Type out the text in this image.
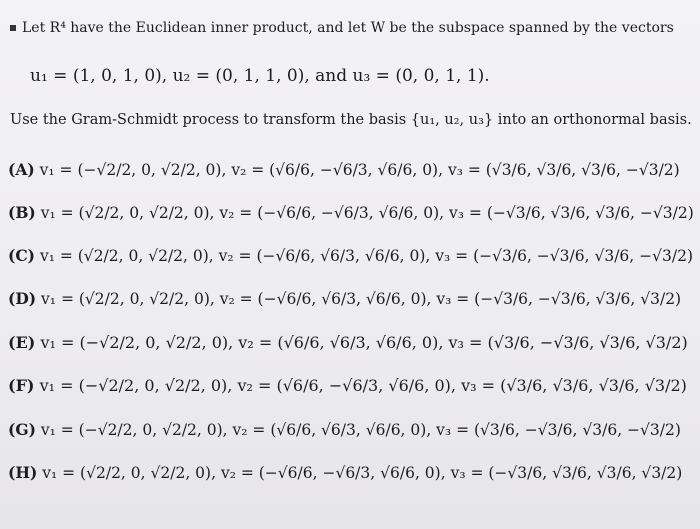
Let R⁴ have the Euclidean inner product, and let W be the subspace spanned by the vectors
u₁ = (1, 0, 1, 0), u₂ = (0, 1, 1, 0), and u₃ = (0, 0, 1, 1).
Use the Gram-Schmidt process to transform the basis {u₁, u₂, u₃} into an orthonormal basis.
(A) v₁ = (−√2/2, 0, √2/2, 0), v₂ = (√6/6, −√6/3, √6/6, 0), v₃ = (√3/6, √3/6, √3/6, −√3/2)
(B) v₁ = (√2/2, 0, √2/2, 0), v₂ = (−√6/6, −√6/3, √6/6, 0), v₃ = (−√3/6, √3/6, √3/6, −√3/2)
(C) v₁ = (√2/2, 0, √2/2, 0), v₂ = (−√6/6, √6/3, √6/6, 0), v₃ = (−√3/6, −√3/6, √3/6, −√3/2)
(D) v₁ = (√2/2, 0, √2/2, 0), v₂ = (−√6/6, √6/3, √6/6, 0), v₃ = (−√3/6, −√3/6, √3/6, √3/2)
(E) v₁ = (−√2/2, 0, √2/2, 0), v₂ = (√6/6, √6/3, √6/6, 0), v₃ = (√3/6, −√3/6, √3/6, √3/2)
(F) v₁ = (−√2/2, 0, √2/2, 0), v₂ = (√6/6, −√6/3, √6/6, 0), v₃ = (√3/6, √3/6, √3/6, √3/2)
(G) v₁ = (−√2/2, 0, √2/2, 0), v₂ = (√6/6, √6/3, √6/6, 0), v₃ = (√3/6, −√3/6, √3/6, −√3/2)
(H) v₁ = (√2/2, 0, √2/2, 0), v₂ = (−√6/6, −√6/3, √6/6, 0), v₃ = (−√3/6, √3/6, √3/6, √3/2)
